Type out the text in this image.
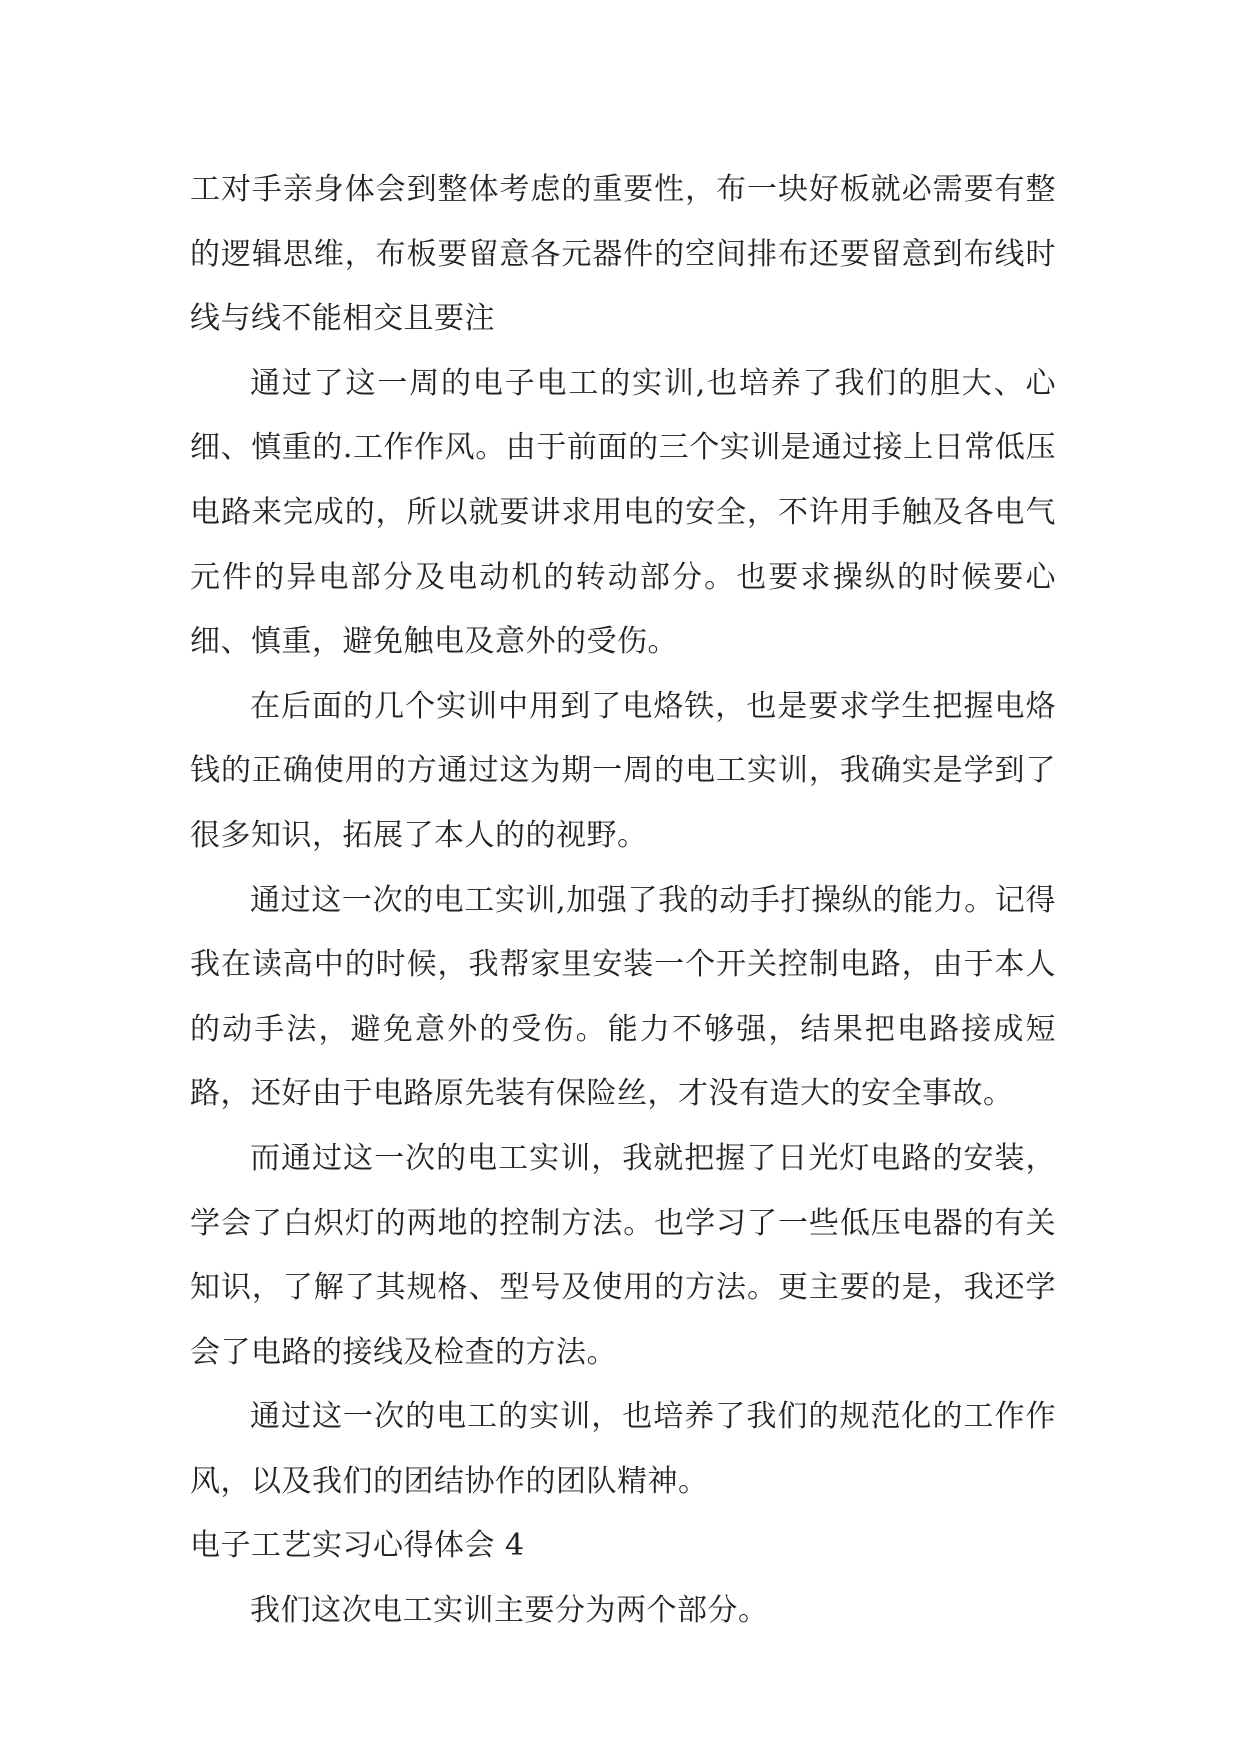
工对手亲身体会到整体考虑的重要性，布一块好板就必需要有整的逻辑思维，布板要留意各元器件的空间排布还要留意到布线时线与线不能相交且要注

通过了这一周的电子电工的实训,也培养了我们的胆大、心细、慎重的.工作作风。由于前面的三个实训是通过接上日常低压电路来完成的，所以就要讲求用电的安全，不许用手触及各电气元件的异电部分及电动机的转动部分。也要求操纵的时候要心细、慎重，避免触电及意外的受伤。

在后面的几个实训中用到了电烙铁，也是要求学生把握电烙钱的正确使用的方通过这为期一周的电工实训，我确实是学到了很多知识，拓展了本人的的视野。

通过这一次的电工实训,加强了我的动手打操纵的能力。记得我在读高中的时候，我帮家里安装一个开关控制电路，由于本人的动手法，避免意外的受伤。能力不够强，结果把电路接成短路，还好由于电路原先装有保险丝，才没有造大的安全事故。

而通过这一次的电工实训，我就把握了日光灯电路的安装，学会了白炽灯的两地的控制方法。也学习了一些低压电器的有关知识，了解了其规格、型号及使用的方法。更主要的是，我还学会了电路的接线及检查的方法。

通过这一次的电工的实训，也培养了我们的规范化的工作作风，以及我们的团结协作的团队精神。

电子工艺实习心得体会 4

我们这次电工实训主要分为两个部分。
